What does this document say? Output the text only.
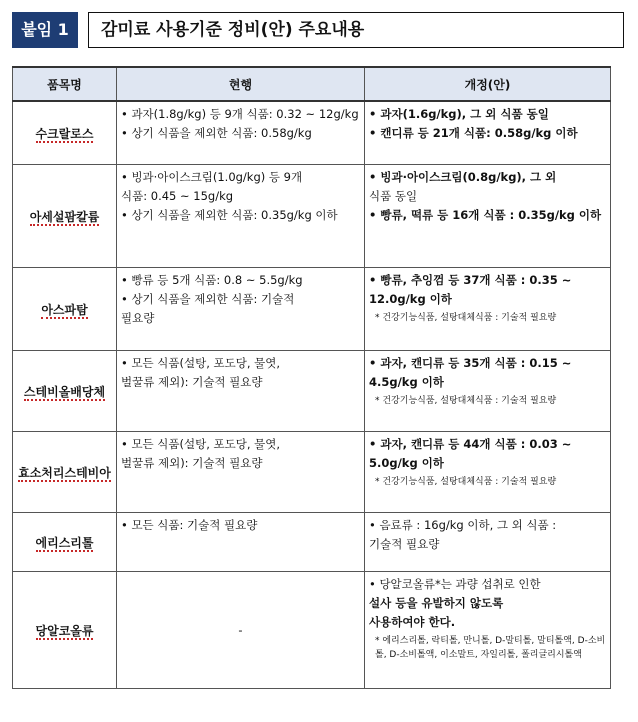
붙임 1	감미료 사용기준 정비(안) 주요내용
품목명	현행	개정(안)
수크랄로스	• 과자(1.8g/kg) 등 9개 식품: 0.32 ~ 12g/kg
• 상기 식품을 제외한 식품: 0.58g/kg	• 과자(1.6g/kg), 그 외 식품 동일
• 캔디류 등 21개 식품: 0.58g/kg 이하

아세설팜칼륨	• 빙과·아이스크림(1.0g/kg) 등 9개
식품: 0.45 ~ 15g/kg
• 상기 식품을 제외한 식품: 0.35g/kg 이하	• 빙과·아이스크림(0.8g/kg), 그 외
식품 동일
• 빵류, 떡류 등 16개 식품 : 0.35g/kg 이하

아스파탐	• 빵류 등 5개 식품: 0.8 ~ 5.5g/kg
• 상기 식품을 제외한 식품: 기술적
필요량	• 빵류, 추잉껌 등 37개 식품 : 0.35 ~
12.0g/kg 이하
* 건강기능식품, 설탕대체식품 : 기술적 필요량

스테비올배당체	• 모든 식품(설탕, 포도당, 물엿,
벌꿀류 제외): 기술적 필요량	• 과자, 캔디류 등 35개 식품 : 0.15 ~
4.5g/kg 이하
* 건강기능식품, 설탕대체식품 : 기술적 필요량

효소처리스테비아	• 모든 식품(설탕, 포도당, 물엿,
벌꿀류 제외): 기술적 필요량	• 과자, 캔디류 등 44개 식품 : 0.03 ~
5.0g/kg 이하
* 건강기능식품, 설탕대체식품 : 기술적 필요량

에리스리톨	• 모든 식품: 기술적 필요량	• 음료류 : 16g/kg 이하, 그 외 식품 :
기술적 필요량

당알코올류	-	• 당알코올류*는 과량 섭취로 인한
설사 등을 유발하지 않도록
사용하여야 한다.
* 에리스리톨, 락티톨, 만니톨, D-말티톨, 말티톨액, D-소비톨, D-소비톨액, 이소말트, 자일리톨, 폴리글리시톨액
